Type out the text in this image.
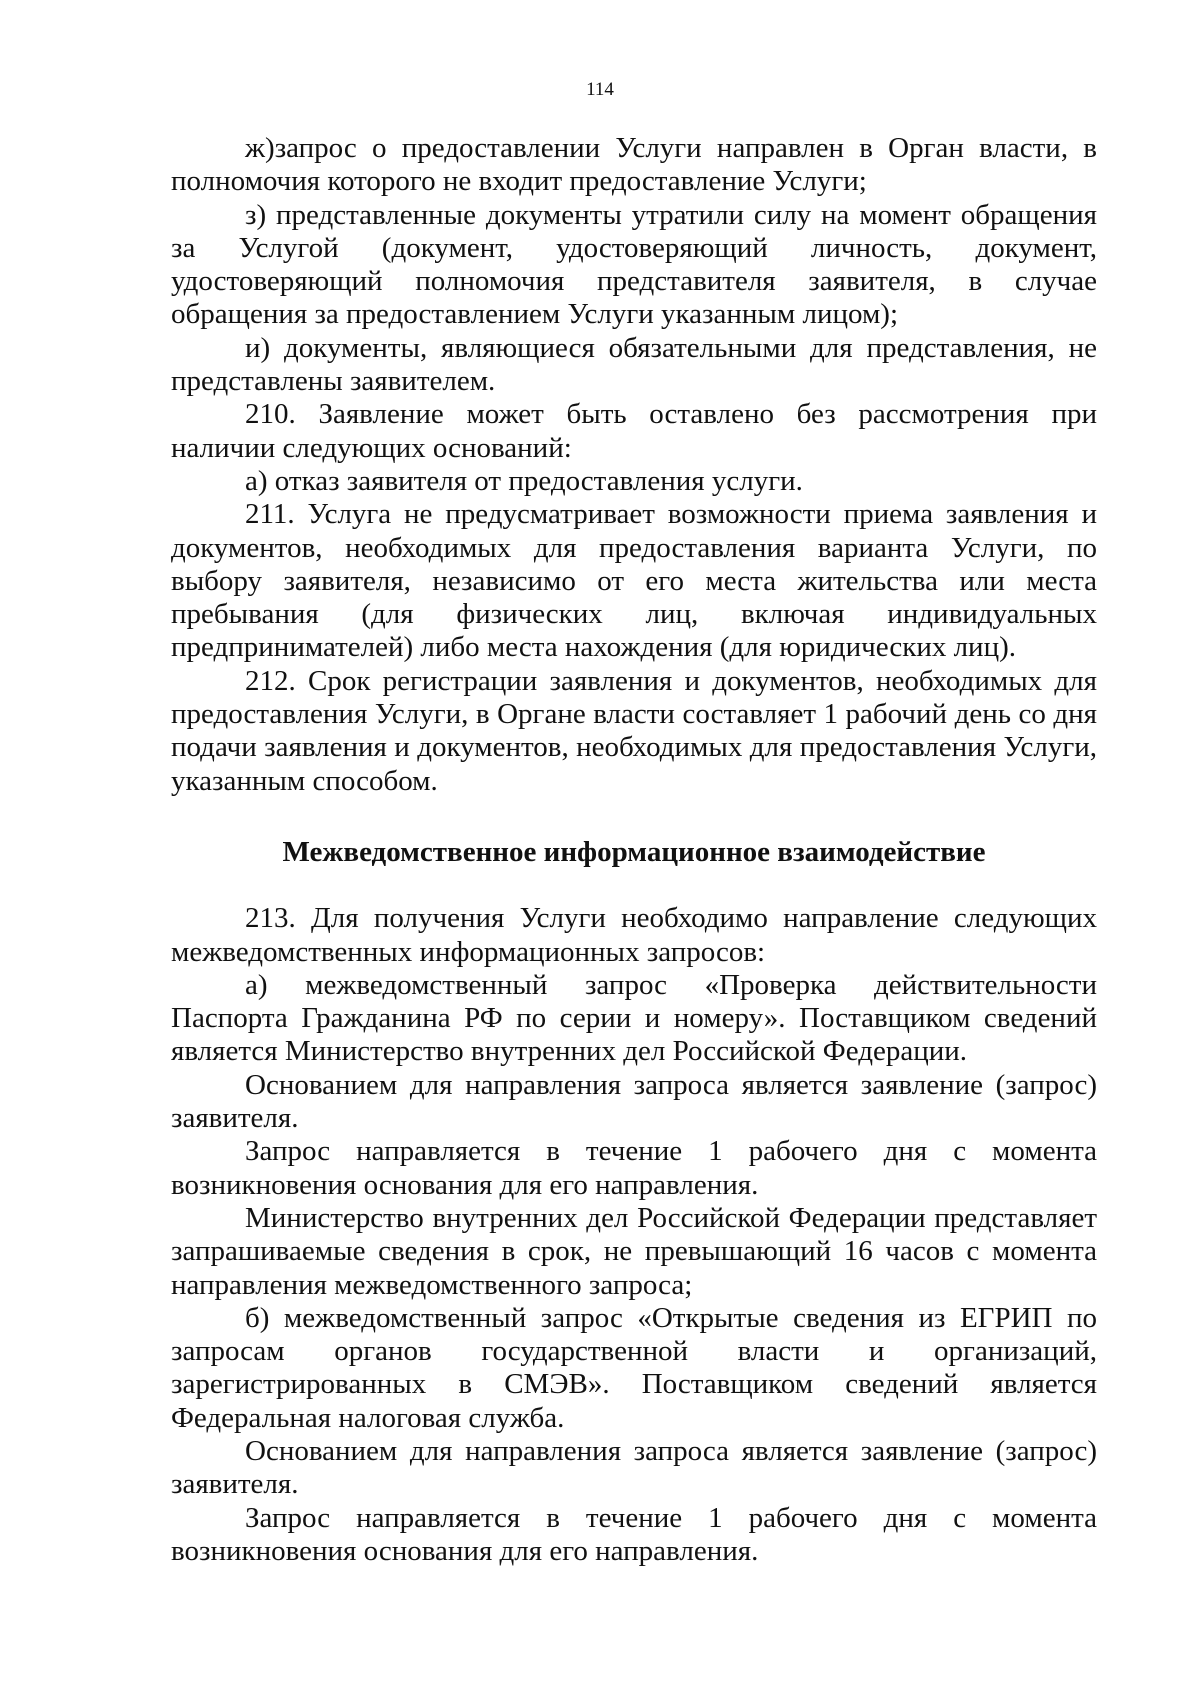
114

ж)запрос о предоставлении Услуги направлен в Орган власти, в полномочия которого не входит предоставление Услуги;

з) представленные документы утратили силу на момент обращения за Услугой (документ, удостоверяющий личность, документ, удостоверяющий полномочия представителя заявителя, в случае обращения за предоставлением Услуги указанным лицом);

и) документы, являющиеся обязательными для представления, не представлены заявителем.

210. Заявление может быть оставлено без рассмотрения при наличии следующих оснований:

а) отказ заявителя от предоставления услуги.

211. Услуга не предусматривает возможности приема заявления и документов, необходимых для предоставления варианта Услуги, по выбору заявителя, независимо от его места жительства или места пребывания (для физических лиц, включая индивидуальных предпринимателей) либо места нахождения (для юридических лиц).

212. Срок регистрации заявления и документов, необходимых для предоставления Услуги, в Органе власти составляет 1 рабочий день со дня подачи заявления и документов, необходимых для предоставления Услуги, указанным способом.

Межведомственное информационное взаимодействие

213. Для получения Услуги необходимо направление следующих межведомственных информационных запросов:

а) межведомственный запрос «Проверка действительности Паспорта Гражданина РФ по серии и номеру». Поставщиком сведений является Министерство внутренних дел Российской Федерации.

Основанием для направления запроса является заявление (запрос) заявителя.

Запрос направляется в течение 1 рабочего дня с момента возникновения основания для его направления.

Министерство внутренних дел Российской Федерации представляет запрашиваемые сведения в срок, не превышающий 16 часов с момента направления межведомственного запроса;

б) межведомственный запрос «Открытые сведения из ЕГРИП по запросам органов государственной власти и организаций, зарегистрированных в СМЭВ». Поставщиком сведений является Федеральная налоговая служба.

Основанием для направления запроса является заявление (запрос) заявителя.

Запрос направляется в течение 1 рабочего дня с момента возникновения основания для его направления.
